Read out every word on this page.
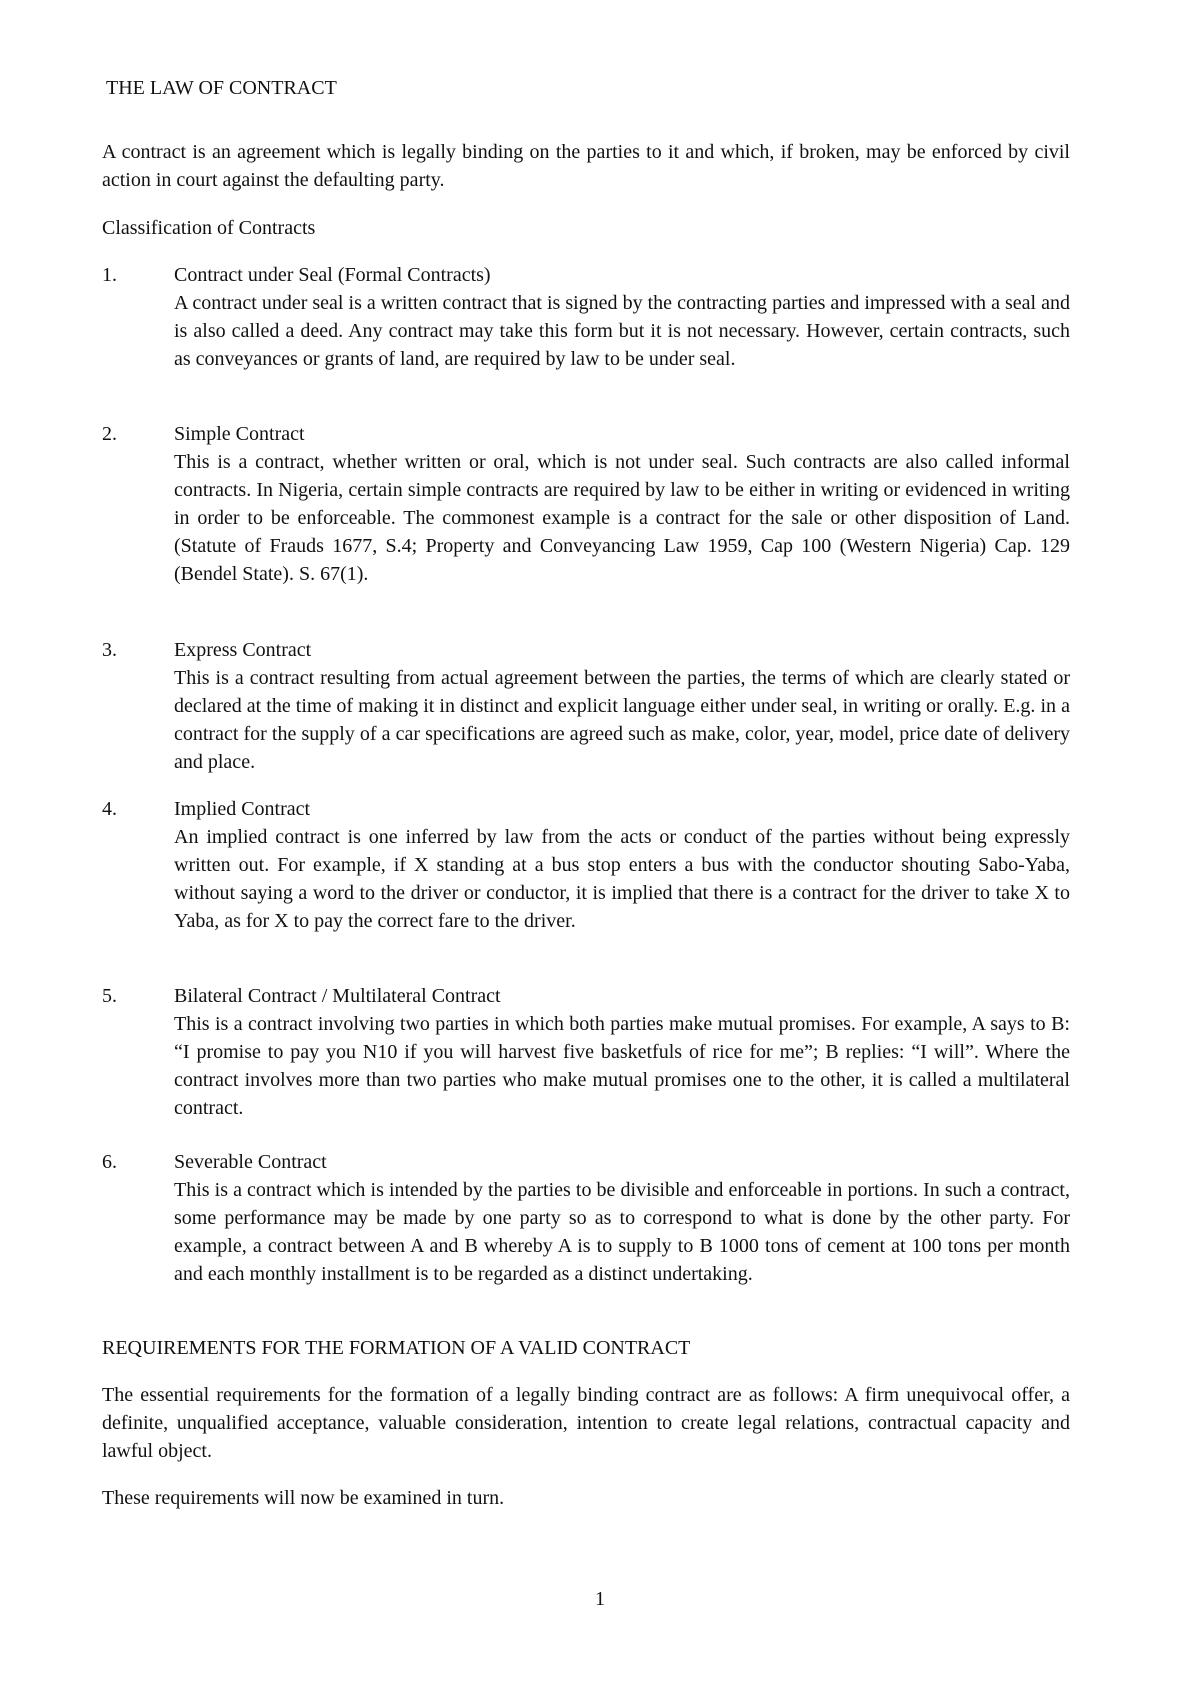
THE LAW OF CONTRACT

A contract is an agreement which is legally binding on the parties to it and which, if broken, may be enforced by civil action in court against the defaulting party.

Classification of Contracts

1.	Contract under Seal (Formal Contracts)

A contract under seal is a written contract that is signed by the contracting parties and impressed with a seal and is also called a deed. Any contract may take this form but it is not necessary. However, certain contracts, such as conveyances or grants of land, are required by law to be under seal.

2.	Simple Contract

This is a contract, whether written or oral, which is not under seal. Such contracts are also called informal contracts. In Nigeria, certain simple contracts are required by law to be either in writing or evidenced in writing in order to be enforceable. The commonest example is a contract for the sale or other disposition of Land. (Statute of Frauds 1677, S.4; Property and Conveyancing Law 1959, Cap 100 (Western Nigeria) Cap. 129 (Bendel State). S. 67(1).

3.	Express Contract

This is a contract resulting from actual agreement between the parties, the terms of which are clearly stated or declared at the time of making it in distinct and explicit language either under seal, in writing or orally. E.g. in a contract for the supply of a car specifications are agreed such as make, color, year, model, price date of delivery and place.

4.	Implied Contract

An implied contract is one inferred by law from the acts or conduct of the parties without being expressly written out. For example, if X standing at a bus stop enters a bus with the conductor shouting Sabo-Yaba, without saying a word to the driver or conductor, it is implied that there is a contract for the driver to take X to Yaba, as for X to pay the correct fare to the driver.

5.	Bilateral Contract / Multilateral Contract

This is a contract involving two parties in which both parties make mutual promises. For example, A says to B: “I promise to pay you N10 if you will harvest five basketfuls of rice for me”; B replies: “I will”. Where the contract involves more than two parties who make mutual promises one to the other, it is called a multilateral contract.

6.	Severable Contract

This is a contract which is intended by the parties to be divisible and enforceable in portions. In such a contract, some performance may be made by one party so as to correspond to what is done by the other party. For example, a contract between A and B whereby A is to supply to B 1000 tons of cement at 100 tons per month and each monthly installment is to be regarded as a distinct undertaking.

REQUIREMENTS FOR THE FORMATION OF A VALID CONTRACT

The essential requirements for the formation of a legally binding contract are as follows: A firm unequivocal offer, a definite, unqualified acceptance, valuable consideration, intention to create legal relations, contractual capacity and lawful object.

These requirements will now be examined in turn.

1
